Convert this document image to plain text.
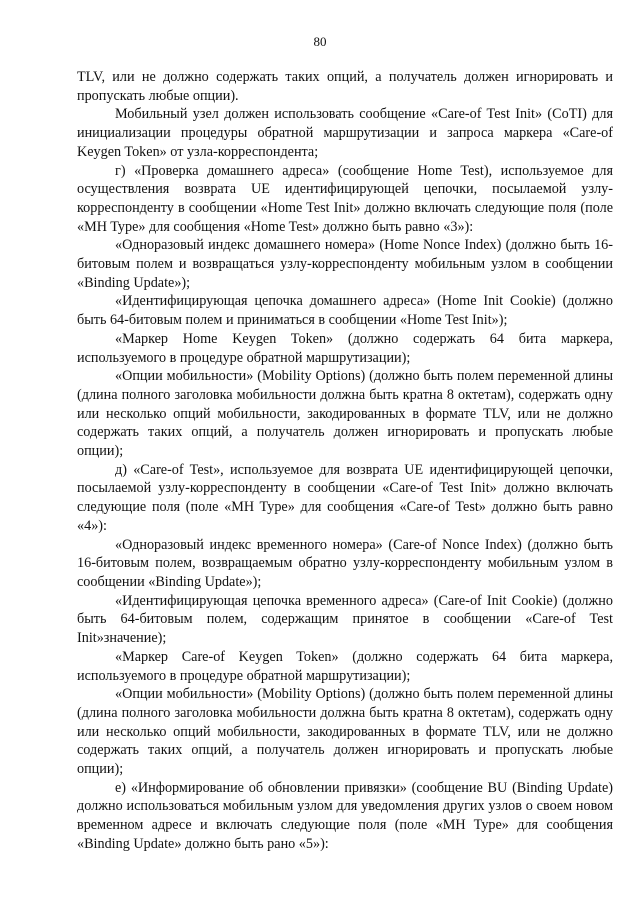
80

TLV, или не должно содержать таких опций, а получатель должен игнорировать и пропускать любые опции).

Мобильный узел должен использовать сообщение «Care-of Test Init» (CoTI) для инициализации процедуры обратной маршрутизации и запроса маркера «Care-of Keygen Token» от узла-корреспондента;

г) «Проверка домашнего адреса» (сообщение Home Test), используемое для осуществления возврата UE идентифицирующей цепочки, посылаемой узлу-корреспонденту в сообщении «Home Test Init» должно включать следующие поля (поле «MH Type» для сообщения «Home Test» должно быть равно «3»):

«Одноразовый индекс домашнего номера» (Home Nonce Index) (должно быть 16-битовым полем и возвращаться узлу-корреспонденту мобильным узлом в сообщении «Binding Update»);

«Идентифицирующая цепочка домашнего адреса» (Home Init Cookie) (должно быть 64-битовым полем и приниматься в сообщении «Home Test Init»);

«Маркер Home Keygen Token» (должно содержать 64 бита маркера, используемого в процедуре обратной маршрутизации);

«Опции мобильности» (Mobility Options) (должно быть полем переменной длины (длина полного заголовка мобильности должна быть кратна 8 октетам), содержать одну или несколько опций мобильности, закодированных в формате TLV, или не должно содержать таких опций, а получатель должен игнорировать и пропускать любые опции);

д) «Care-of Test», используемое для возврата UE идентифицирующей цепочки, посылаемой узлу-корреспонденту в сообщении «Care-of Test Init» должно включать следующие поля (поле «MH Type» для сообщения «Care-of Test» должно быть равно «4»):

«Одноразовый индекс временного номера» (Care-of Nonce Index) (должно быть 16-битовым полем, возвращаемым обратно узлу-корреспонденту мобильным узлом в сообщении «Binding Update»);

«Идентифицирующая цепочка временного адреса» (Care-of Init Cookie) (должно быть 64-битовым полем, содержащим принятое в сообщении «Care-of Test Init»значение);

«Маркер Care-of Keygen Token» (должно содержать 64 бита маркера, используемого в процедуре обратной маршрутизации);

«Опции мобильности» (Mobility Options) (должно быть полем переменной длины (длина полного заголовка мобильности должна быть кратна 8 октетам), содержать одну или несколько опций мобильности, закодированных в формате TLV, или не должно содержать таких опций, а получатель должен игнорировать и пропускать любые опции);

е) «Информирование об обновлении привязки» (сообщение BU (Binding Update) должно использоваться мобильным узлом для уведомления других узлов о своем новом временном адресе и включать следующие поля (поле «MH Type» для сообщения «Binding Update» должно быть рано «5»):
